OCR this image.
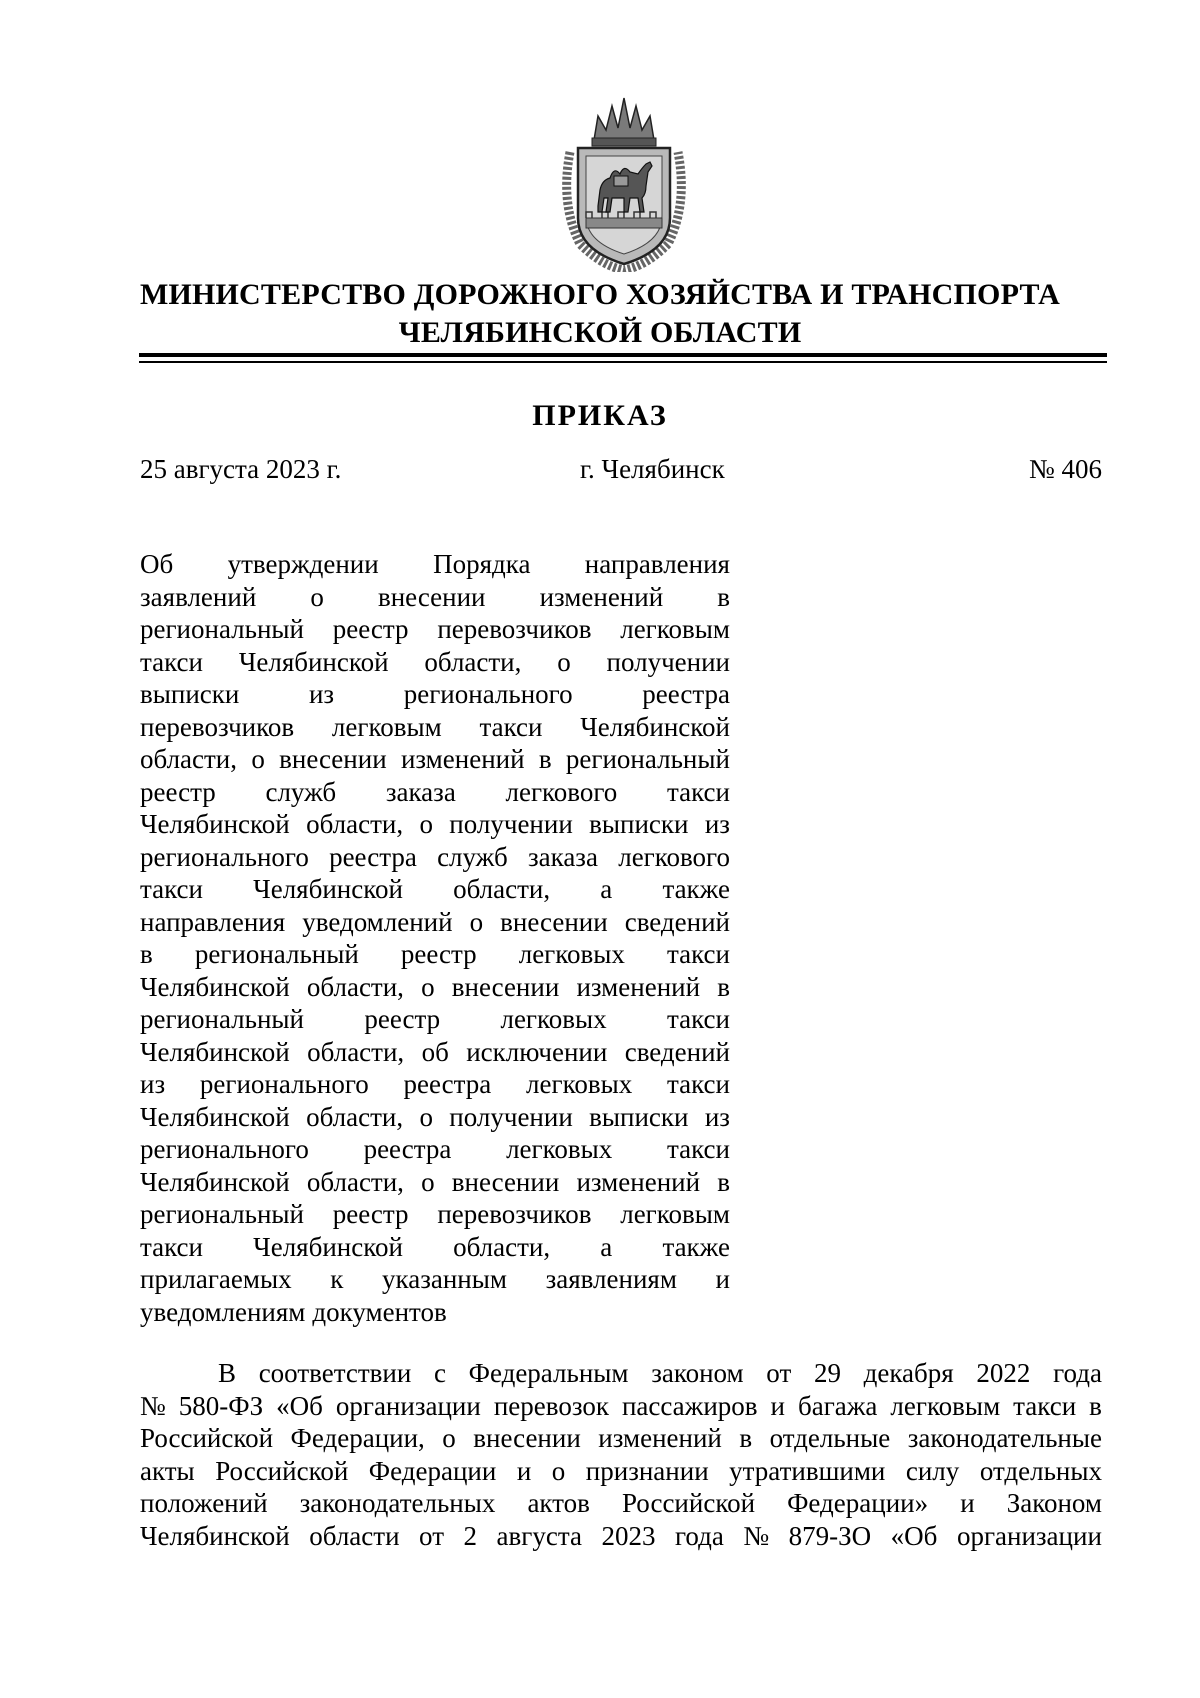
МИНИСТЕРСТВО ДОРОЖНОГО ХОЗЯЙСТВА И ТРАНСПОРТА
ЧЕЛЯБИНСКОЙ ОБЛАСТИ
ПРИКАЗ
25 августа 2023 г.	г. Челябинск	№ 406
Об утверждении Порядка направления
заявлений о внесении изменений в
региональный реестр перевозчиков легковым
такси Челябинской области, о получении
выписки	из	регионального	реестра
перевозчиков легковым такси Челябинской
области, о внесении изменений в региональный
реестр служб заказа легкового такси
Челябинской области, о получении выписки из
регионального реестра служб заказа легкового
такси Челябинской области, а также
направления уведомлений о внесении сведений
в региональный реестр легковых такси
Челябинской области, о внесении изменений в
региональный реестр легковых такси
Челябинской области, об исключении сведений
из регионального реестра легковых такси
Челябинской области, о получении выписки из
регионального реестра легковых такси
Челябинской области, о внесении изменений в
региональный реестр перевозчиков легковым
такси Челябинской области, а также
прилагаемых к указанным заявлениям и
уведомлениям документов
В соответствии с Федеральным законом от 29 декабря 2022 года
№ 580-ФЗ «Об организации перевозок пассажиров и багажа легковым такси в
Российской Федерации, о внесении изменений в отдельные законодательные
акты Российской Федерации и о признании утратившими силу отдельных
положений законодательных актов Российской Федерации» и Законом
Челябинской области от 2 августа 2023 года № 879-ЗО «Об организации
